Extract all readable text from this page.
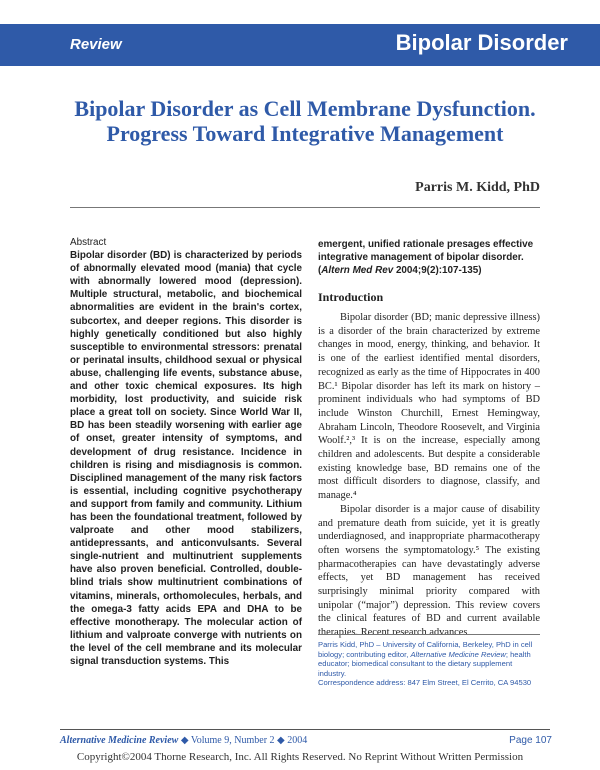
Review	Bipolar Disorder
Bipolar Disorder as Cell Membrane Dysfunction. Progress Toward Integrative Management
Parris M. Kidd, PhD
Abstract

Bipolar disorder (BD) is characterized by periods of abnormally elevated mood (mania) that cycle with abnormally lowered mood (depression). Multiple structural, metabolic, and biochemical abnormalities are evident in the brain's cortex, subcortex, and deeper regions. This disorder is highly genetically conditioned but also highly susceptible to environmental stressors: prenatal or perinatal insults, childhood sexual or physical abuse, challenging life events, substance abuse, and other toxic chemical exposures. Its high morbidity, lost productivity, and suicide risk place a great toll on society. Since World War II, BD has been steadily worsening with earlier age of onset, greater intensity of symptoms, and development of drug resistance. Incidence in children is rising and misdiagnosis is common. Disciplined management of the many risk factors is essential, including cognitive psychotherapy and support from family and community. Lithium has been the foundational treatment, followed by valproate and other mood stabilizers, antidepressants, and anticonvulsants. Several single-nutrient and multinutrient supplements have also proven beneficial. Controlled, double-blind trials show multinutrient combinations of vitamins, minerals, orthomolecules, herbals, and the omega-3 fatty acids EPA and DHA to be effective monotherapy. The molecular action of lithium and valproate converge with nutrients on the level of the cell membrane and its molecular signal transduction systems. This

emergent, unified rationale presages effective integrative management of bipolar disorder. (Altern Med Rev 2004;9(2):107-135)

Introduction

Bipolar disorder (BD; manic depressive illness) is a disorder of the brain characterized by extreme changes in mood, energy, thinking, and behavior. It is one of the earliest identified mental disorders, recognized as early as the time of Hippocrates in 400 BC.¹ Bipolar disorder has left its mark on history – prominent individuals who had symptoms of BD include Winston Churchill, Ernest Hemingway, Abraham Lincoln, Theodore Roosevelt, and Virginia Woolf.²,³ It is on the increase, especially among children and adolescents. But despite a considerable existing knowledge base, BD remains one of the most difficult disorders to diagnose, classify, and manage.⁴

Bipolar disorder is a major cause of disability and premature death from suicide, yet it is greatly underdiagnosed, and inappropriate pharmacotherapy often worsens the symptomatology.⁵ The existing pharmacotherapies can have devastatingly adverse effects, yet BD management has received surprisingly minimal priority compared with unipolar (“major”) depression. This review covers the clinical features of BD and current available therapies. Recent research advances

Parris Kidd, PhD – University of California, Berkeley, PhD in cell biology; contributing editor, Alternative Medicine Review; health educator; biomedical consultant to the dietary supplement industry.
Correspondence address: 847 Elm Street, El Cerrito, CA 94530

Alternative Medicine Review ◆ Volume 9, Number 2 ◆ 2004	Page 107
Copyright©2004 Thorne Research, Inc. All Rights Reserved. No Reprint Without Written Permission
